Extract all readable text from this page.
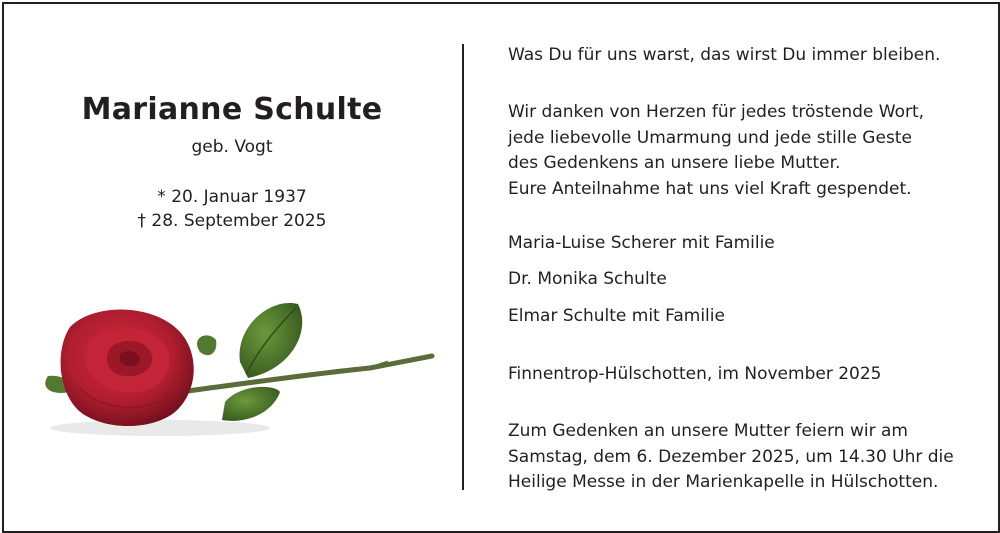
Marianne Schulte
geb. Vogt
* 20. Januar 1937
† 28. September 2025
Was Du für uns warst, das wirst Du immer bleiben.
Wir danken von Herzen für jedes tröstende Wort,
jede liebevolle Umarmung und jede stille Geste
des Gedenkens an unsere liebe Mutter.
Eure Anteilnahme hat uns viel Kraft gespendet.
Maria-Luise Scherer mit Familie
Dr. Monika Schulte
Elmar Schulte mit Familie
Finnentrop-Hülschotten, im November 2025
Zum Gedenken an unsere Mutter feiern wir am
Samstag, dem 6. Dezember 2025, um 14.30 Uhr die
Heilige Messe in der Marienkapelle in Hülschotten.
